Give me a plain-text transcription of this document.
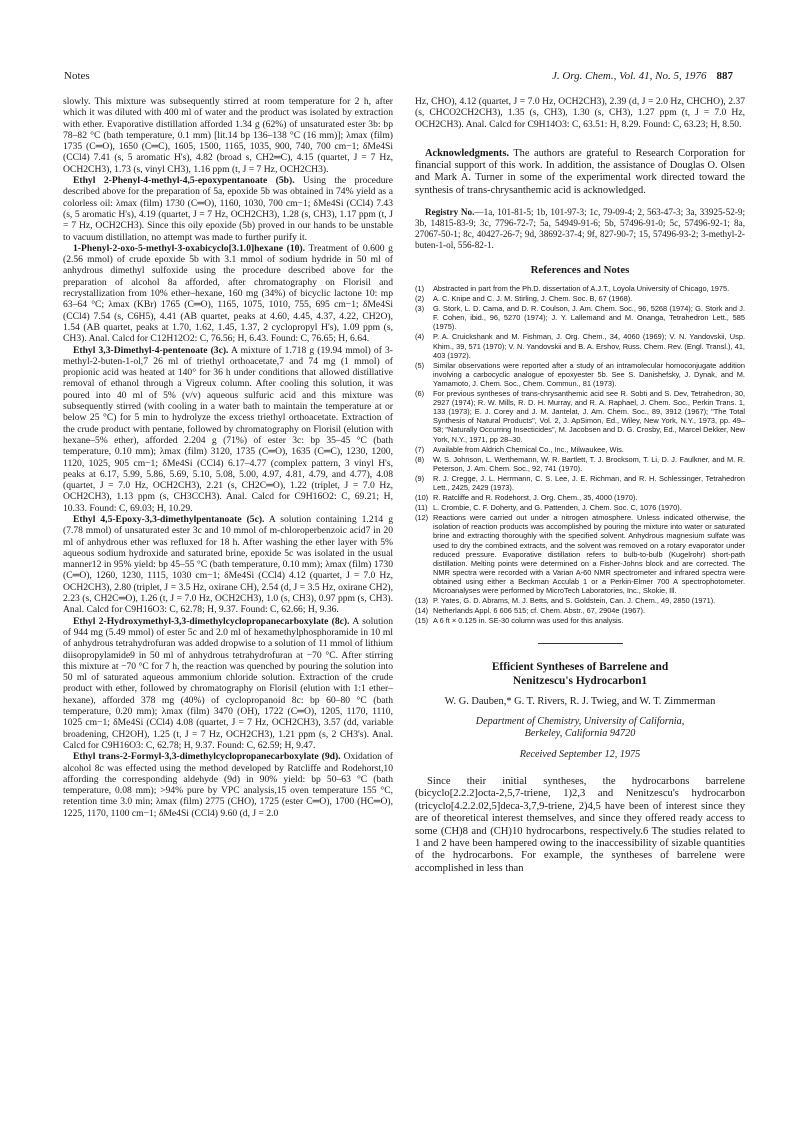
Notes	J. Org. Chem., Vol. 41, No. 5, 1976 887

slowly. This mixture was subsequently stirred at room temperature for 2 h, after which it was diluted with 400 ml of water and the product was isolated by extraction with ether. Evaporative distillation afforded 1.34 g (62%) of unsaturated ester 3b: bp 78–82 °C (bath temperature, 0.1 mm) [lit.14 bp 136–138 °C (16 mm)]; λmax (film) 1735 (C═O), 1650 (C═C), 1605, 1500, 1165, 1035, 900, 740, 700 cm−1; δMe4Si (CCl4) 7.41 (s, 5 aromatic H's), 4.82 (broad s, CH2═C), 4.15 (quartet, J = 7 Hz, OCH2CH3), 1.73 (s, vinyl CH3), 1.16 ppm (t, J = 7 Hz, OCH2CH3).

Ethyl 2-Phenyl-4-methyl-4,5-epoxypentanoate (5b). Using the procedure described above for the preparation of 5a, epoxide 5b was obtained in 74% yield as a colorless oil: λmax (film) 1730 (C═O), 1160, 1030, 700 cm−1; δMe4Si (CCl4) 7.43 (s, 5 aromatic H's), 4.19 (quartet, J = 7 Hz, OCH2CH3), 1.28 (s, CH3), 1.17 ppm (t, J = 7 Hz, OCH2CH3). Since this oily epoxide (5b) proved in our hands to be unstable to vacuum distillation, no attempt was made to further purify it.

1-Phenyl-2-oxo-5-methyl-3-oxabicyclo[3.1.0]hexane (10). Treatment of 0.600 g (2.56 mmol) of crude epoxide 5b with 3.1 mmol of sodium hydride in 50 ml of anhydrous dimethyl sulfoxide using the procedure described above for the preparation of alcohol 8a afforded, after chromatography on Florisil and recrystallization from 10% ether–hexane, 160 mg (34%) of bicyclic lactone 10: mp 63–64 °C; λmax (KBr) 1765 (C═O), 1165, 1075, 1010, 755, 695 cm−1; δMe4Si (CCl4) 7.54 (s, C6H5), 4.41 (AB quartet, peaks at 4.60, 4.45, 4.37, 4.22, CH2O), 1.54 (AB quartet, peaks at 1.70, 1.62, 1.45, 1.37, 2 cyclopropyl H's), 1.09 ppm (s, CH3). Anal. Calcd for C12H12O2: C, 76.56; H, 6.43. Found: C, 76.65; H, 6.64.

Ethyl 3,3-Dimethyl-4-pentenoate (3c). A mixture of 1.718 g (19.94 mmol) of 3-methyl-2-buten-1-ol,7 26 ml of triethyl orthoacetate,7 and 74 mg (1 mmol) of propionic acid was heated at 140° for 36 h under conditions that allowed distillative removal of ethanol through a Vigreux column. After cooling this solution, it was poured into 40 ml of 5% (v/v) aqueous sulfuric acid and this mixture was subsequently stirred (with cooling in a water bath to maintain the temperature at or below 25 °C) for 5 min to hydrolyze the excess triethyl orthoacetate. Extraction of the crude product with pentane, followed by chromatography on Florisil (elution with hexane–5% ether), afforded 2.204 g (71%) of ester 3c: bp 35–45 °C (bath temperature, 0.10 mm); λmax (film) 3120, 1735 (C═O), 1635 (C═C), 1230, 1200, 1120, 1025, 905 cm−1; δMe4Si (CCl4) 6.17–4.77 (complex pattern, 3 vinyl H's, peaks at 6.17, 5.99, 5.86, 5.69, 5.10, 5.08, 5.00, 4.97, 4.81, 4.79, and 4.77), 4.08 (quartet, J = 7.0 Hz, OCH2CH3), 2.21 (s, CH2C═O), 1.22 (triplet, J = 7.0 Hz, OCH2CH3), 1.13 ppm (s, CH3CCH3). Anal. Calcd for C9H16O2: C, 69.21; H, 10.33. Found: C, 69.03; H, 10.29.

Ethyl 4,5-Epoxy-3,3-dimethylpentanoate (5c). A solution containing 1.214 g (7.78 mmol) of unsaturated ester 3c and 10 mmol of m-chloroperbenzoic acid7 in 20 ml of anhydrous ether was refluxed for 18 h. After washing the ether layer with 5% aqueous sodium hydroxide and saturated brine, epoxide 5c was isolated in the usual manner12 in 95% yield: bp 45–55 °C (bath temperature, 0.10 mm); λmax (film) 1730 (C═O), 1260, 1230, 1115, 1030 cm−1; δMe4Si (CCl4) 4.12 (quartet, J = 7.0 Hz, OCH2CH3), 2.80 (triplet, J = 3.5 Hz, oxirane CH), 2.54 (d, J = 3.5 Hz, oxirane CH2), 2.23 (s, CH2C═O), 1.26 (t, J = 7.0 Hz, OCH2CH3), 1.0 (s, CH3), 0.97 ppm (s, CH3). Anal. Calcd for C9H16O3: C, 62.78; H, 9.37. Found: C, 62.66; H, 9.36.

Ethyl 2-Hydroxymethyl-3,3-dimethylcyclopropanecarboxylate (8c). A solution of 944 mg (5.49 mmol) of ester 5c and 2.0 ml of hexamethylphosphoramide in 10 ml of anhydrous tetrahydrofuran was added dropwise to a solution of 11 mmol of lithium diisopropylamide9 in 50 ml of anhydrous tetrahydrofuran at −70 °C. After stirring this mixture at −70 °C for 7 h, the reaction was quenched by pouring the solution into 50 ml of saturated aqueous ammonium chloride solution. Extraction of the crude product with ether, followed by chromatography on Florisil (elution with 1:1 ether–hexane), afforded 378 mg (40%) of cyclopropanoid 8c: bp 60–80 °C (bath temperature, 0.20 mm); λmax (film) 3470 (OH), 1722 (C═O), 1205, 1170, 1110, 1025 cm−1; δMe4Si (CCl4) 4.08 (quartet, J = 7 Hz, OCH2CH3), 3.57 (dd, variable broadening, CH2OH), 1.25 (t, J = 7 Hz, OCH2CH3), 1.21 ppm (s, 2 CH3's). Anal. Calcd for C9H16O3: C, 62.78; H, 9.37. Found: C, 62.59; H, 9.47.

Ethyl trans-2-Formyl-3,3-dimethylcyclopropanecarboxylate (9d). Oxidation of alcohol 8c was effected using the method developed by Ratcliffe and Rodehorst,10 affording the corresponding aldehyde (9d) in 90% yield: bp 50–63 °C (bath temperature, 0.08 mm); >94% pure by VPC analysis,15 oven temperature 155 °C, retention time 3.0 min; λmax (film) 2775 (CHO), 1725 (ester C═O), 1700 (HC═O), 1225, 1170, 1100 cm−1; δMe4Si (CCl4) 9.60 (d, J = 2.0

Hz, CHO), 4.12 (quartet, J = 7.0 Hz, OCH2CH3), 2.39 (d, J = 2.0 Hz, CHCHO), 2.37 (s, CHCO2CH2CH3), 1.35 (s, CH3), 1.30 (s, CH3), 1.27 ppm (t, J = 7.0 Hz, OCH2CH3). Anal. Calcd for C9H14O3: C, 63.51: H, 8.29. Found: C, 63.23; H, 8.50.

Acknowledgments. The authors are grateful to Research Corporation for financial support of this work. In addition, the assistance of Douglas O. Olsen and Mark A. Turner in some of the experimental work directed toward the synthesis of trans-chrysanthemic acid is acknowledged.

Registry No.—1a, 101-81-5; 1b, 101-97-3; 1c, 79-09-4; 2, 563-47-3; 3a, 33925-52-9; 3b, 14815-83-9; 3c, 7796-72-7; 5a, 54949-91-6; 5b, 57496-91-0; 5c, 57496-92-1; 8a, 27067-50-1; 8c, 40427-26-7; 9d, 38692-37-4; 9f, 827-90-7; 15, 57496-93-2; 3-methyl-2-buten-1-ol, 556-82-1.

References and Notes
(1)	Abstracted in part from the Ph.D. dissertation of A.J.T., Loyola University of Chicago, 1975.
(2)	A. C. Knipe and C. J. M. Stirling, J. Chem. Soc. B, 67 (1968).
(3)	G. Stork, L. D. Cama, and D. R. Coulson, J. Am. Chem. Soc., 96, 5268 (1974); G. Stork and J. F. Cohen, ibid., 96, 5270 (1974); J. Y. Lallemand and M. Onanga, Tetrahedron Lett., 585 (1975).
(4)	P. A. Cruickshank and M. Fishman, J. Org. Chem., 34, 4060 (1969); V. N. Yandovskii, Usp. Khim., 39, 571 (1970); V. N. Yandovskii and B. A. Ershov, Russ. Chem. Rev. (Engl. Transl.), 41, 403 (1972).
(5)	Similar observations were reported after a study of an intramolecular homoconjugate addition involving a carbocyclic analogue of epoxyester 5b. See S. Danishefsky, J. Dynak, and M. Yamamoto, J. Chem. Soc., Chem. Commun., 81 (1973).
(6)	For previous syntheses of trans-chrysanthemic acid see R. Sobti and S. Dev, Tetrahedron, 30, 2927 (1974); R. W. Mills, R. D. H. Murray, and R. A. Raphael, J. Chem. Soc., Perkin Trans. 1, 133 (1973); E. J. Corey and J. M. Jantelat, J. Am. Chem. Soc., 89, 3912 (1967); "The Total Synthesis of Natural Products", Vol. 2, J. ApSimon, Ed., Wiley, New York, N.Y., 1973, pp. 49–58; "Naturally Occurring Insecticides", M. Jacobsen and D. G. Crosby, Ed., Marcel Dekker, New York, N.Y., 1971, pp 28–30.
(7)	Available from Aldrich Chemical Co., Inc., Milwaukee, Wis.
(8)	W. S. Johnson, L. Werthemann, W. R. Bartlett, T. J. Brocksom, T. Li, D. J. Faulkner, and M. R. Peterson, J. Am. Chem. Soc., 92, 741 (1970).
(9)	R. J. Cregge, J. L. Herrmann, C. S. Lee, J. E. Richman, and R. H. Schlessinger, Tetrahedron Lett., 2425, 2429 (1973).
(10) R. Ratcliffe and R. Rodehorst, J. Org. Chem., 35, 4000 (1970).
(11) L. Crombie, C. F. Doherty, and G. Pattenden, J. Chem. Soc. C, 1076 (1970).
(12) Reactions were carried out under a nitrogen atmosphere. Unless indicated otherwise, the isolation of reaction products was accomplished by pouring the mixture into water or saturated brine and extracting thoroughly with the specified solvent. Anhydrous magnesium sulfate was used to dry the combined extracts, and the solvent was removed on a rotary evaporator under reduced pressure. Evaporative distillation refers to bulb-to-bulb (Kugelrohr) short-path distillation. Melting points were determined on a Fisher-Johns block and are corrected. The NMR spectra were recorded with a Varian A-60 NMR spectrometer and infrared spectra were obtained using either a Beckman Acculab 1 or a Perkin-Elmer 700 A spectrophotometer. Microanalyses were performed by MicroTech Laboratories, Inc., Skokie, Ill.
(13) P. Yates, G. D. Abrams, M. J. Betts, and S. Goldstein, Can. J. Chem., 49, 2850 (1971).
(14) Netherlands Appl. 6 606 515; cf. Chem. Abstr., 67, 2904e (1967).
(15) A 6 ft × 0.125 in. SE-30 column was used for this analysis.
Efficient Syntheses of Barrelene and
Nenitzescu's Hydrocarbon1
W. G. Dauben,* G. T. Rivers, R. J. Twieg, and W. T. Zimmerman
Department of Chemistry, University of California,
Berkeley, California 94720
Received September 12, 1975

Since their initial syntheses, the hydrocarbons barrelene (bicyclo[2.2.2]octa-2,5,7-triene, 1)2,3 and Nenitzescu's hydrocarbon (tricyclo[4.2.2.02,5]deca-3,7,9-triene, 2)4,5 have been of interest since they are of theoretical interest themselves, and since they offered ready access to some (CH)8 and (CH)10 hydrocarbons, respectively.6 The studies related to 1 and 2 have been hampered owing to the inaccessibility of sizable quantities of the hydrocarbons. For example, the syntheses of barrelene were accomplished in less than
